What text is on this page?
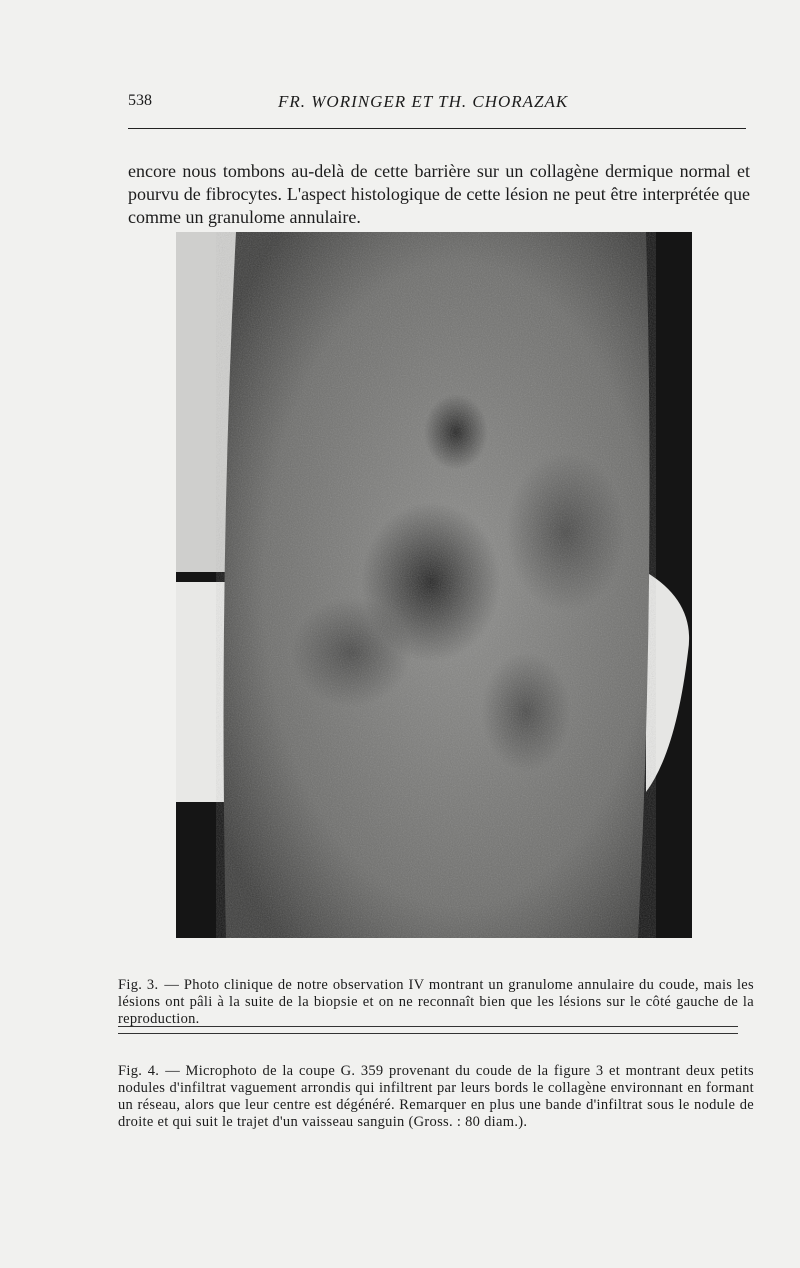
538	FR. WORINGER ET TH. CHORAZAK

encore nous tombons au-delà de cette barrière sur un collagène dermique normal et pourvu de fibrocytes. L'aspect histologique de cette lésion ne peut être interprétée que comme un granulome annulaire.

Fig. 3. — Photo clinique de notre observation IV montrant un granulome annulaire du coude, mais les lésions ont pâli à la suite de la biopsie et on ne reconnaît bien que les lésions sur le côté gauche de la reproduction.

Fig. 4. — Microphoto de la coupe G. 359 provenant du coude de la figure 3 et montrant deux petits nodules d'infiltrat vaguement arrondis qui infiltrent par leurs bords le collagène environnant en formant un réseau, alors que leur centre est dégénéré. Remarquer en plus une bande d'infiltrat sous le nodule de droite et qui suit le trajet d'un vaisseau sanguin (Gross. : 80 diam.).
